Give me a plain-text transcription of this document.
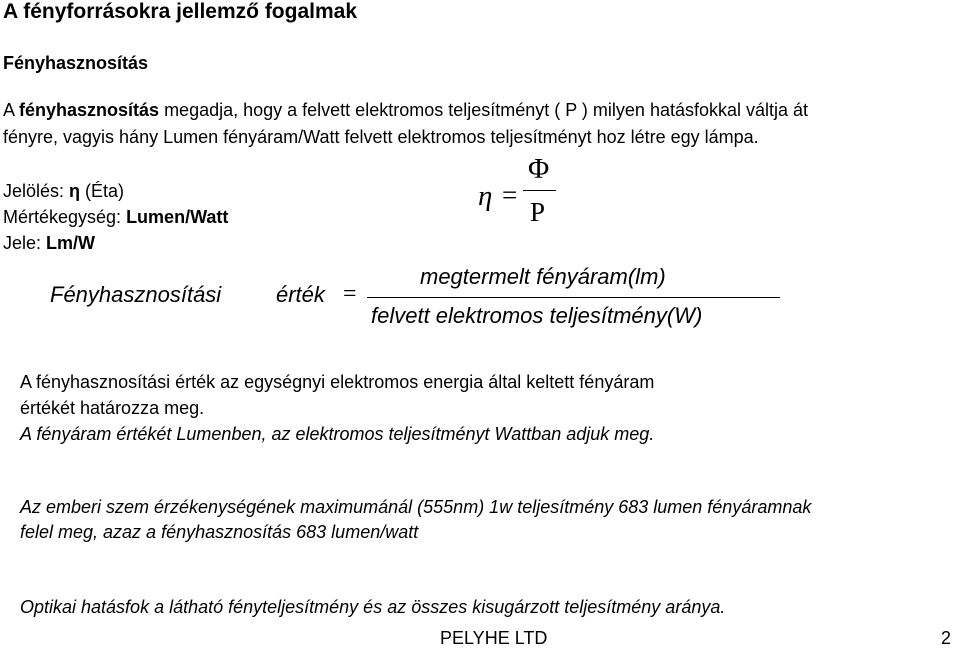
A fényforrásokra jellemző fogalmak
Fényhasznosítás
A fényhasznosítás megadja, hogy a felvett elektromos teljesítményt ( P ) milyen hatásfokkal váltja át
fényre, vagyis hány Lumen fényáram/Watt felvett elektromos teljesítményt hoz létre egy lámpa.
Jelölés: η (Éta)
Mértékegység: Lumen/Watt
Jele: Lm/W
η =
Φ
P
Fényhasznosítási érték =
megtermelt fényáram(lm)
felvett elektromos teljesítmény(W)
A fényhasznosítási érték az egységnyi elektromos energia által keltett fényáram
értékét határozza meg.
A fényáram értékét Lumenben, az elektromos teljesítményt Wattban adjuk meg.
Az emberi szem érzékenységének maximumánál (555nm) 1w teljesítmény 683 lumen fényáramnak
felel meg, azaz a fényhasznosítás 683 lumen/watt
Optikai hatásfok a látható fényteljesítmény és az összes kisugárzott teljesítmény aránya.
PELYHE LTD	2
